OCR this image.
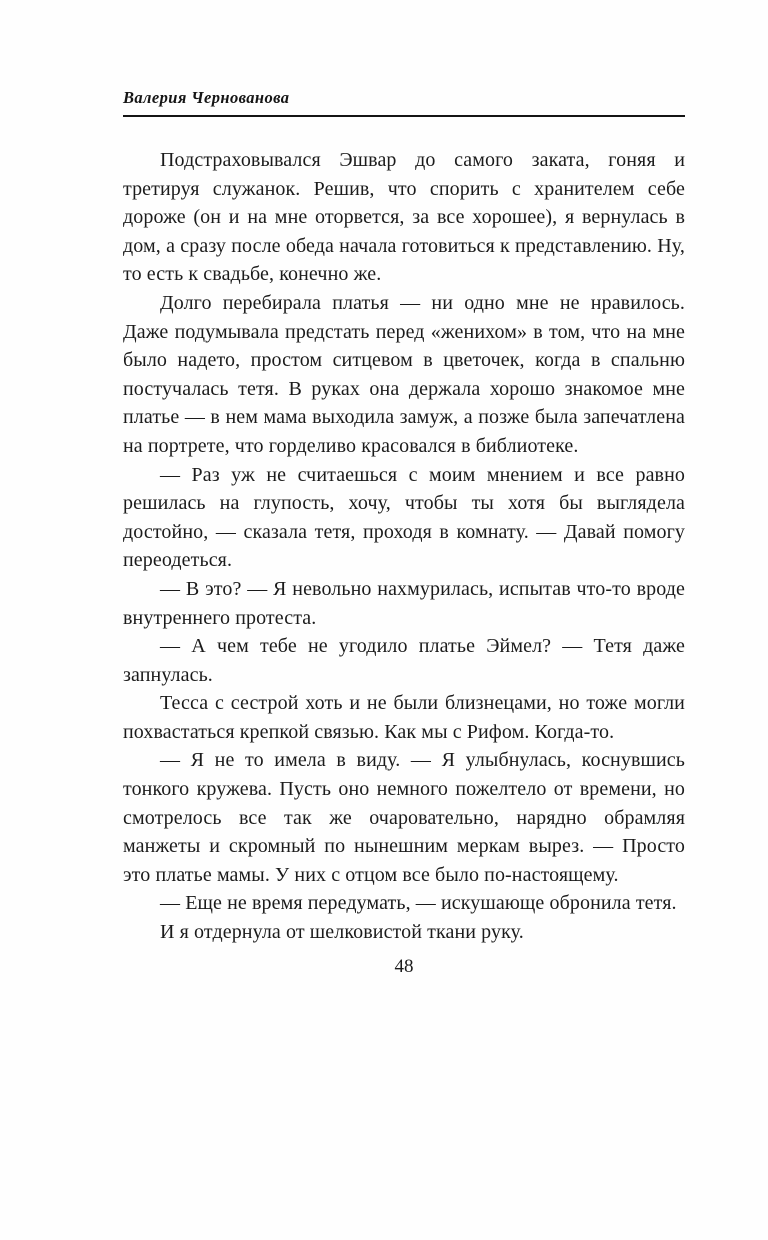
Валерия Чернованова

Подстраховывался Эшвар до самого заката, гоняя и третируя служанок. Решив, что спорить с хранителем себе дороже (он и на мне оторвется, за все хорошее), я вернулась в дом, а сразу после обеда начала готовиться к представлению. Ну, то есть к свадьбе, конечно же.

Долго перебирала платья — ни одно мне не нравилось. Даже подумывала предстать перед «женихом» в том, что на мне было надето, простом ситцевом в цветочек, когда в спальню постучалась тетя. В руках она держала хорошо знакомое мне платье — в нем мама выходила замуж, а позже была запечатлена на портрете, что горделиво красовался в библиотеке.

— Раз уж не считаешься с моим мнением и все равно решилась на глупость, хочу, чтобы ты хотя бы выглядела достойно, — сказала тетя, проходя в комнату. — Давай помогу переодеться.

— В это? — Я невольно нахмурилась, испытав что-то вроде внутреннего протеста.

— А чем тебе не угодило платье Эймел? — Тетя даже запнулась.

Тесса с сестрой хоть и не были близнецами, но тоже могли похвастаться крепкой связью. Как мы с Рифом. Когда-то.

— Я не то имела в виду. — Я улыбнулась, коснувшись тонкого кружева. Пусть оно немного пожелтело от времени, но смотрелось все так же очаровательно, нарядно обрамляя манжеты и скромный по нынешним меркам вырез. — Просто это платье мамы. У них с отцом все было по-настоящему.

— Еще не время передумать, — искушающе обронила тетя.

И я отдернула от шелковистой ткани руку.

48
